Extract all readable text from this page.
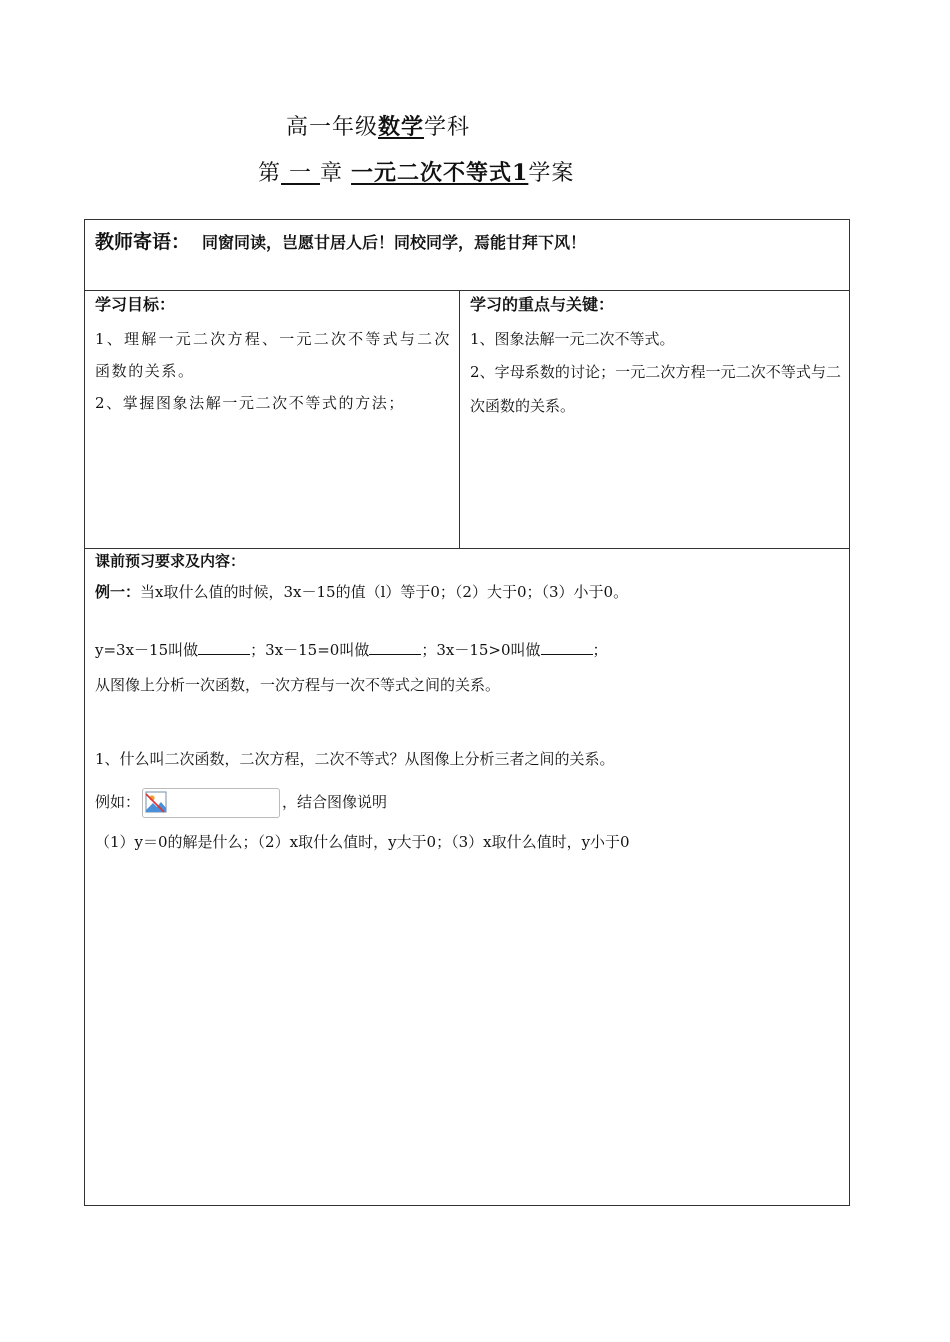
高一年级数学学科
第 一 章 一元二次不等式1学案
教师寄语： 同窗同读，岂愿甘居人后！同校同学，焉能甘拜下风！
学习目标：
1、理解一元二次方程、一元二次不等式与二次函数的关系。
2、掌握图象法解一元二次不等式的方法；
学习的重点与关键：
1、图象法解一元二次不等式。
2、字母系数的讨论；一元二次方程一元二次不等式与二次函数的关系。
课前预习要求及内容：
例一：当x取什么值的时候，3x－15的值（l）等于0；（2）大于0；（3）小于0。
y=3x－15叫做	；3x－15=0叫做	；3x－15>0叫做	；
从图像上分析一次函数，一次方程与一次不等式之间的关系。
1、什么叫二次函数，二次方程，二次不等式？从图像上分析三者之间的关系。
例如：	，结合图像说明
（1）y＝0的解是什么；（2）x取什么值时，y大于0；（3）x取什么值时，y小于0
